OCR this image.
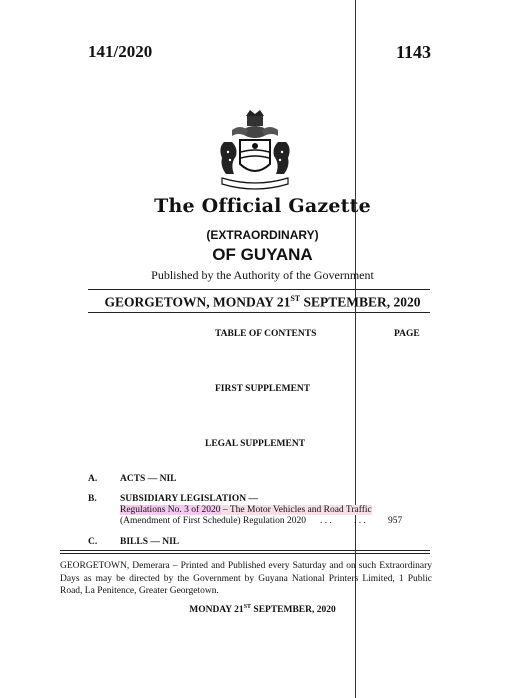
141/2020	1143
The Official Gazette
(EXTRAORDINARY)
OF GUYANA
Published by the Authority of the Government
GEORGETOWN, MONDAY 21ST SEPTEMBER, 2020
TABLE OF CONTENTS	PAGE
FIRST SUPPLEMENT
LEGAL SUPPLEMENT
A. ACTS — NIL
B. SUBSIDIARY LEGISLATION —
Regulations No. 3 of 2020 – The Motor Vehicles and Road Traffic
(Amendment of First Schedule) Regulation 2020 . . . . . . 957
C. BILLS — NIL
GEORGETOWN, Demerara – Printed and Published every Saturday and on such Extraordinary Days as may be directed by the Government by Guyana National Printers Limited, 1 Public Road, La Penitence, Greater Georgetown.
MONDAY 21ST SEPTEMBER, 2020
